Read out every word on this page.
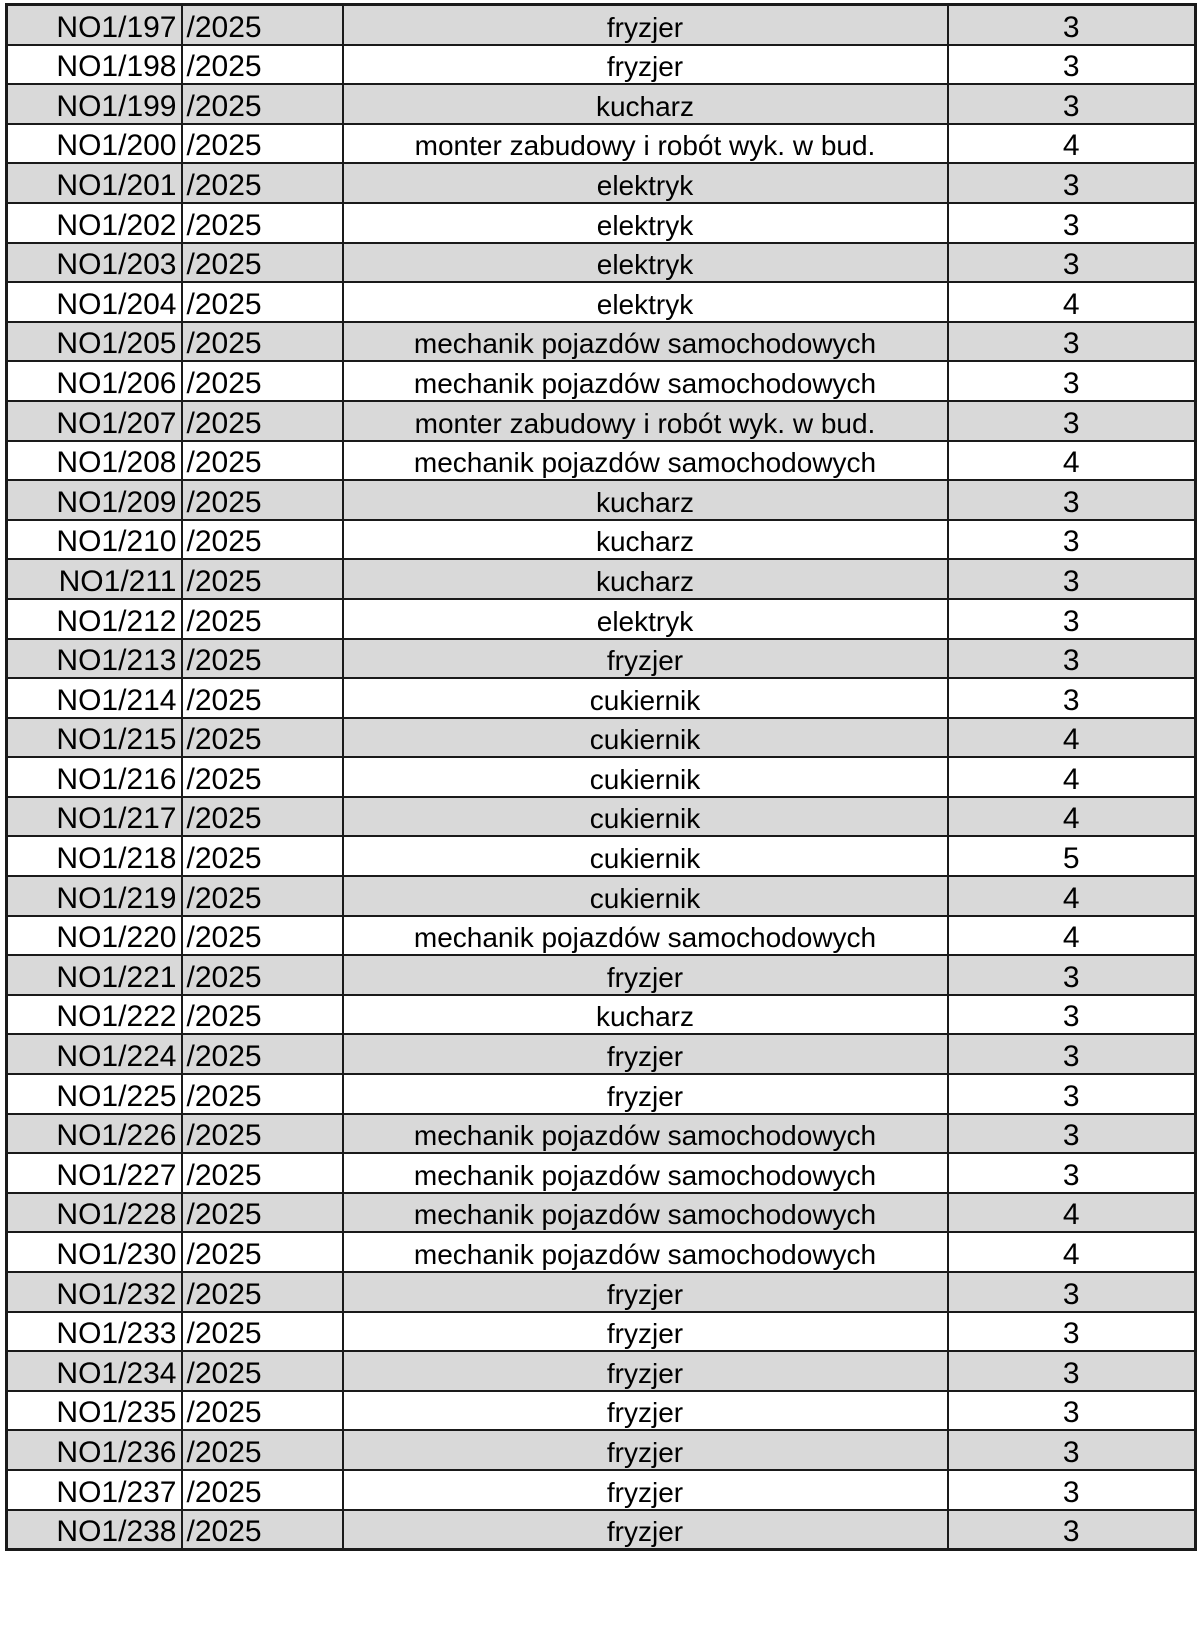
NO1/197	/2025	fryzjer	3
NO1/198	/2025	fryzjer	3
NO1/199	/2025	kucharz	3
NO1/200	/2025	monter zabudowy i robót wyk. w bud.	4
NO1/201	/2025	elektryk	3
NO1/202	/2025	elektryk	3
NO1/203	/2025	elektryk	3
NO1/204	/2025	elektryk	4
NO1/205	/2025	mechanik pojazdów samochodowych	3
NO1/206	/2025	mechanik pojazdów samochodowych	3
NO1/207	/2025	monter zabudowy i robót wyk. w bud.	3
NO1/208	/2025	mechanik pojazdów samochodowych	4
NO1/209	/2025	kucharz	3
NO1/210	/2025	kucharz	3
NO1/211	/2025	kucharz	3
NO1/212	/2025	elektryk	3
NO1/213	/2025	fryzjer	3
NO1/214	/2025	cukiernik	3
NO1/215	/2025	cukiernik	4
NO1/216	/2025	cukiernik	4
NO1/217	/2025	cukiernik	4
NO1/218	/2025	cukiernik	5
NO1/219	/2025	cukiernik	4
NO1/220	/2025	mechanik pojazdów samochodowych	4
NO1/221	/2025	fryzjer	3
NO1/222	/2025	kucharz	3
NO1/224	/2025	fryzjer	3
NO1/225	/2025	fryzjer	3
NO1/226	/2025	mechanik pojazdów samochodowych	3
NO1/227	/2025	mechanik pojazdów samochodowych	3
NO1/228	/2025	mechanik pojazdów samochodowych	4
NO1/230	/2025	mechanik pojazdów samochodowych	4
NO1/232	/2025	fryzjer	3
NO1/233	/2025	fryzjer	3
NO1/234	/2025	fryzjer	3
NO1/235	/2025	fryzjer	3
NO1/236	/2025	fryzjer	3
NO1/237	/2025	fryzjer	3
NO1/238	/2025	fryzjer	3
